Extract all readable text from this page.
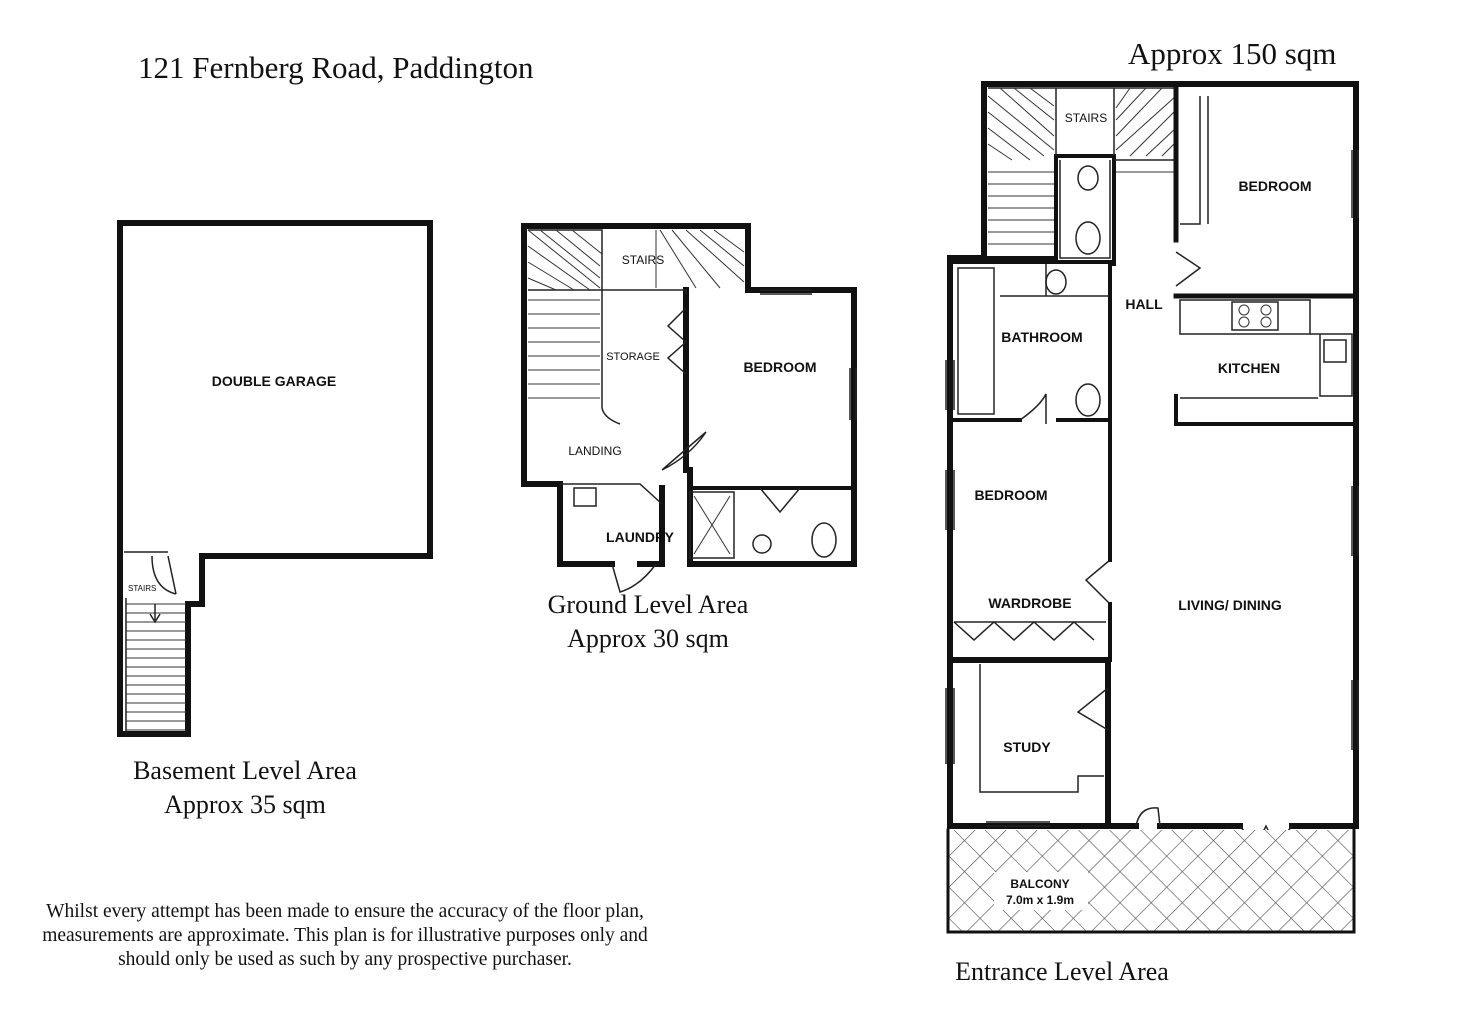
121 Fernberg Road, Paddington	Approx 150 sqm
Basement Level Area
Approx 35 sqm
Ground Level Area
Approx 30 sqm
Entrance Level Area
Whilst every attempt has been made to ensure the accuracy of the floor plan, measurements are approximate. This plan is for illustrative purposes only and should only be used as such by any prospective purchaser.
DOUBLE GARAGE
STAIRS
STAIRS
STORAGE
BEDROOM
LANDING
LAUNDRY
STAIRS
BEDROOM
HALL
BATHROOM
KITCHEN
BEDROOM
WARDROBE	LIVING/ DINING
STUDY
BALCONY
7.0m x 1.9m
